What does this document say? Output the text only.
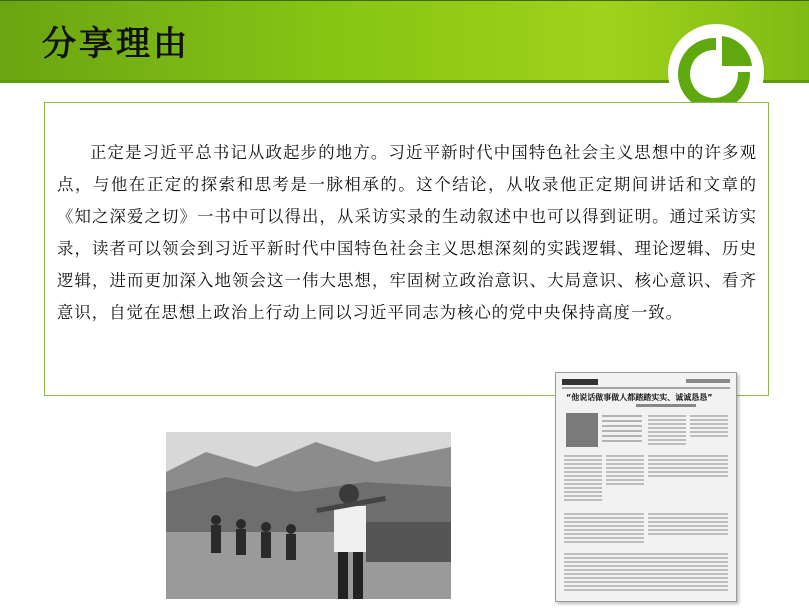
分享理由

正定是习近平总书记从政起步的地方。习近平新时代中国特色社会主义思想中的许多观点，与他在正定的探索和思考是一脉相承的。这个结论，从收录他正定期间讲话和文章的《知之深爱之切》一书中可以得出，从采访实录的生动叙述中也可以得到证明。通过采访实录，读者可以领会到习近平新时代中国特色社会主义思想深刻的实践逻辑、理论逻辑、历史逻辑，进而更加深入地领会这一伟大思想，牢固树立政治意识、大局意识、核心意识、看齐意识，自觉在思想上政治上行动上同以习近平同志为核心的党中央保持高度一致。

“他说话做事做人都踏踏实实、诚诚恳恳”
